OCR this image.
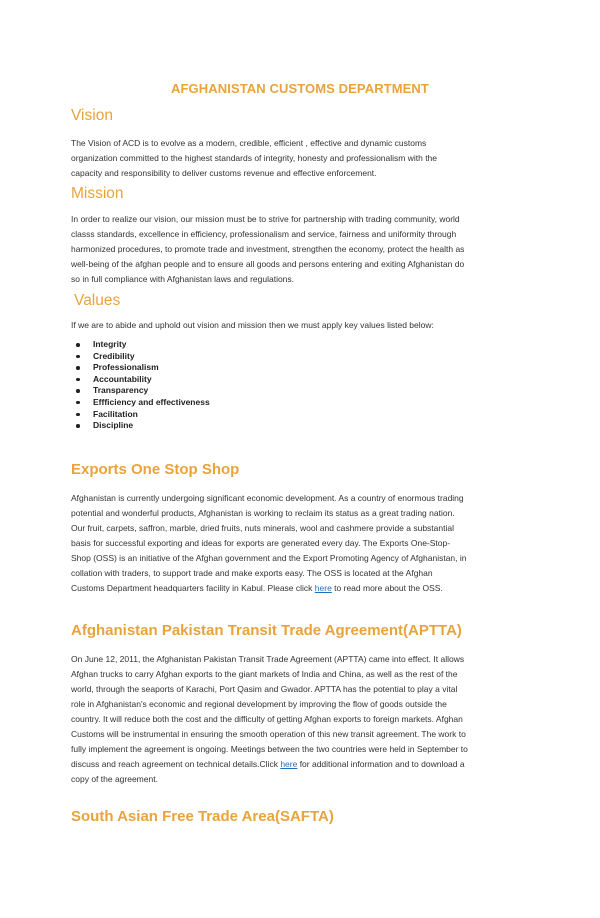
AFGHANISTAN CUSTOMS DEPARTMENT
Vision
The Vision of ACD is to evolve as a modern, credible, efficient , effective and dynamic customs
organization committed to the highest standards of integrity, honesty and professionalism with the
capacity and responsibility to deliver customs revenue and effective enforcement.
Mission
In order to realize our vision, our mission must be to strive for partnership with trading community, world
classs standards, excellence in efficiency, professionalism and service, fairness and uniformity through
harmonized procedures, to promote trade and investment, strengthen the economy, protect the health as
well-being of the afghan people and to ensure all goods and persons entering and exiting Afghanistan do
so in full compliance with Afghanistan laws and regulations.
Values
If we are to abide and uphold out vision and mission then we must apply key values listed below:
Integrity
Credibility
Professionalism
Accountability
Transparency
Effficiency and effectiveness
Facilitation
Discipline
Exports One Stop Shop
Afghanistan is currently undergoing significant economic development. As a country of enormous trading
potential and wonderful products, Afghanistan is working to reclaim its status as a great trading nation.
Our fruit, carpets, saffron, marble, dried fruits, nuts minerals, wool and cashmere provide a substantial
basis for successful exporting and ideas for exports are generated every day. The Exports One-Stop-
Shop (OSS) is an initiative of the Afghan government and the Export Promoting Agency of Afghanistan, in
collation with traders, to support trade and make exports easy. The OSS is located at the Afghan
Customs Department headquarters facility in Kabul. Please click here to read more about the OSS.
Afghanistan Pakistan Transit Trade Agreement(APTTA)
On June 12, 2011, the Afghanistan Pakistan Transit Trade Agreement (APTTA) came into effect. It allows
Afghan trucks to carry Afghan exports to the giant markets of India and China, as well as the rest of the
world, through the seaports of Karachi, Port Qasim and Gwador. APTTA has the potential to play a vital
role in Afghanistan's economic and regional development by improving the flow of goods outside the
country. It will reduce both the cost and the difficulty of getting Afghan exports to foreign markets. Afghan
Customs will be instrumental in ensuring the smooth operation of this new transit agreement. The work to
fully implement the agreement is ongoing. Meetings between the two countries were held in September to
discuss and reach agreement on technical details.Click here for additional information and to download a
copy of the agreement.
South Asian Free Trade Area(SAFTA)
